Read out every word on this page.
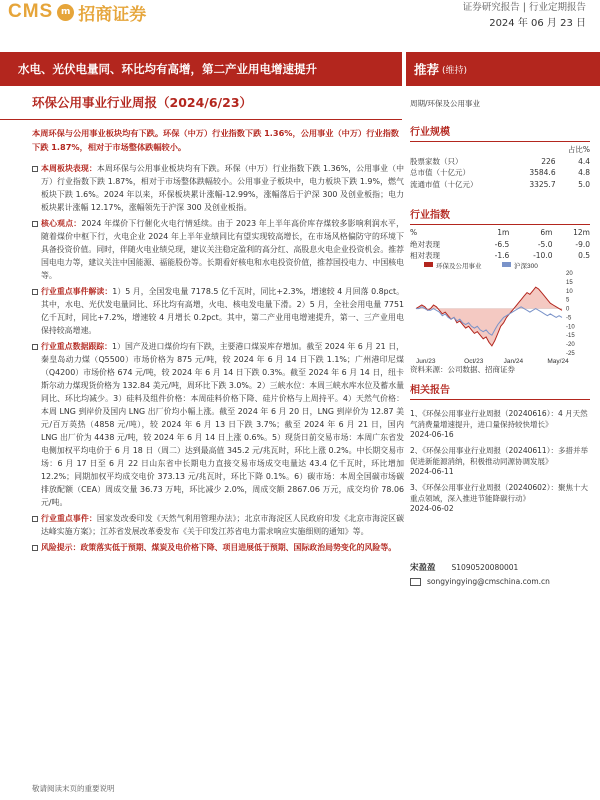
CMS m 招商证券	证券研究报告 | 行业定期报告
2024 年 06 月 23 日
水电、光伏电量同、环比均有高增，第二产业用电增速提升	推荐 (维持)
环保公用事业行业周报（2024/6/23）
本周环保与公用事业板块均有下跌。环保（中万）行业指数下跌 1.36%，公用事业（中万）行业指数下跌 1.87%，相对于市场整体跌幅较小。
本周板块表现：本周环保与公用事业板块均有下跌。环保（中万）行业指数下跌 1.36%，公用事业（中万）行业指数下跌 1.87%，相对于市场整体跌幅较小。公用事业子板块中，电力板块下跌 1.9%，燃气板块下跌 1.6%。2024 年以来，环保板块累计涨幅-12.99%，涨幅落后于沪深 300 及创业板指；电力板块累计涨幅 12.17%，涨幅领先于沪深 300 及创业板指。
核心观点：2024 年煤价下行催化火电行情延续。由于 2023 年上半年高价库存煤较多影响利润水平，随着煤价中枢下行，火电企业 2024 年上半年业绩同比有望实现较高增长，在市场风格偏防守的环境下具备投资价值。同时，伴随火电业绩兑现，建议关注稳定盈利的高分红、高股息火电企业投资机会。推荐国电电力等，建议关注中国能源、福能股份等。长期看好核电和水电投资价值，推荐国投电力、中国核电等。
行业重点事件解读：1）5 月，全国发电量 7178.5 亿千瓦时，同比+2.3%，增速较 4 月回落 0.8pct。其中，水电、光伏发电量同比、环比均有高增，火电、核电发电量下滑。2）5 月，全社会用电量 7751 亿千瓦时，同比+7.2%，增速较 4 月增长 0.2pct。其中，第二产业用电增速提升，第一、三产业用电保持较高增速。
行业重点数据跟踪：1）国产及进口煤价均有下跌，主要港口煤炭库存增加。截至 2024 年 6 月 21 日，秦皇岛动力煤（Q5500）市场价格为 875 元/吨，较 2024 年 6 月 14 日下跌 1.1%；广州港印尼煤（Q4200）市场价格 674 元/吨，较 2024 年 6 月 14 日下跌 0.3%。截至 2024 年 6 月 14 日，纽卡斯尔动力煤现货价格为 132.84 美元/吨，周环比下跌 3.0%。2）三峡水位：本周三峡水库水位及蓄水量同比、环比均减少。3）硅料及组件价格：本周硅料价格下降、硅片价格与上周持平。4）天然气价格：本周 LNG 到岸价及国内 LNG 出厂价均小幅上涨。截至 2024 年 6 月 20 日，LNG 到岸价为 12.87 美元/百万英热（4858 元/吨），较 2024 年 6 月 13 日下跌 3.7%；截至 2024 年 6 月 21 日，国内 LNG 出厂价为 4438 元/吨，较 2024 年 6 月 14 日上涨 0.6%。5）现货日前交易市场：本周广东省发电侧加权平均电价于 6 月 18 日（周二）达到最高值 345.2 元/兆瓦时，环比上涨 0.2%。中长期交易市场：6 月 17 日至 6 月 22 日山东省中长期电力直接交易市场成交电量达 43.4 亿千瓦时，环比增加 12.2%；同期加权平均成交电价 373.13 元/兆瓦时，环比下降 0.1%。6）碳市场：本周全国碳市场碳排放配额（CEA）周成交量 36.73 万吨，环比减少 2.0%，周成交额 2867.06 万元，成交均价 78.06 元/吨。
行业重点事件：国家发改委印发《天然气利用管理办法》；北京市海淀区人民政府印发《北京市海淀区碳达峰实施方案》；江苏省发展改革委发布《关于印发江苏省电力需求响应实施细则的通知》等。
风险提示：政策落实低于预期、煤炭及电价格下降、项目进展低于预期、国际政治局势变化的风险等。
敬请阅读末页的重要说明
周期/环保及公用事业
行业规模
		占比%
股票家数（只）	226	4.4
总市值（十亿元）	3584.6	4.8
流通市值（十亿元）	3325.7	5.0
行业指数
%	1m	6m	12m
绝对表现	-6.5	-5.0	-9.0
相对表现	-1.6	-10.0	0.5
环保及公用事业	沪深300
20
15
10
5
0
-5
-10
-15
-20
-25
Jun/23	Oct/23	Jan/24	May/24
资料来源：公司数据、招商证券
相关报告
1、《环保公用事业行业周报（20240616）：4 月天然气消费量增速提升，进口量保持较快增长》
2024-06-16
2、《环保公用事业行业周报（20240611）：多措并举促进新能源消纳，积极推动同源协调发展》
2024-06-11
3、《环保公用事业行业周报（20240602）：聚焦十大重点领域，深入推进节能降碳行动》
2024-06-02
宋盈盈 S1090520080001
songyingying@cmschina.com.cn
